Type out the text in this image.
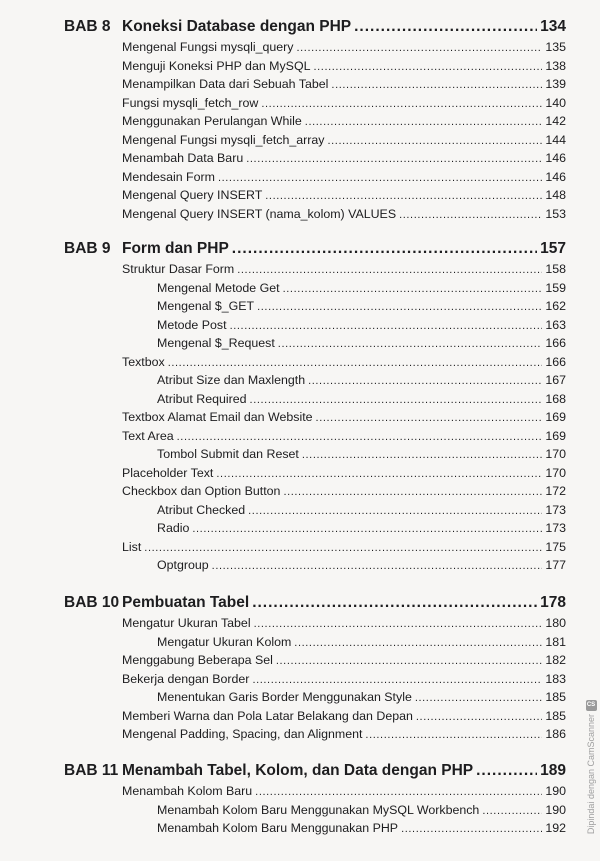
BAB 8 Koneksi Database dengan PHP .....	134
Mengenal Fungsi mysqli_query .....	135
Menguji Koneksi PHP dan MySQL .....	138
Menampilkan Data dari Sebuah Tabel .....	139
Fungsi mysqli_fetch_row .....	140
Menggunakan Perulangan While .....	142
Mengenal Fungsi mysqli_fetch_array .....	144
Menambah Data Baru .....	146
Mendesain Form .....	146
Mengenal Query INSERT .....	148
Mengenal Query INSERT (nama_kolom) VALUES .....	153
BAB 9 Form dan PHP .....	157
Struktur Dasar Form .....	158
Mengenal Metode Get .....	159
Mengenal $_GET .....	162
Metode Post .....	163
Mengenal $_Request .....	166
Textbox .....	166
Atribut Size dan Maxlength .....	167
Atribut Required .....	168
Textbox Alamat Email dan Website .....	169
Text Area .....	169
Tombol Submit dan Reset .....	170
Placeholder Text .....	170
Checkbox dan Option Button .....	172
Atribut Checked .....	173
Radio .....	173
List .....	175
Optgroup .....	177
BAB 10 Pembuatan Tabel .....	178
Mengatur Ukuran Tabel .....	180
Mengatur Ukuran Kolom .....	181
Menggabung Beberapa Sel .....	182
Bekerja dengan Border .....	183
Menentukan Garis Border Menggunakan Style .....	185
Memberi Warna dan Pola Latar Belakang dan Depan .....	185
Mengenal Padding, Spacing, dan Alignment .....	186
BAB 11 Menambah Tabel, Kolom, dan Data dengan PHP .....	189
Menambah Kolom Baru .....	190
Menambah Kolom Baru Menggunakan MySQL Workbench .....	190
Menambah Kolom Baru Menggunakan PHP .....	192
CS
Dipindai dengan CamScanner
